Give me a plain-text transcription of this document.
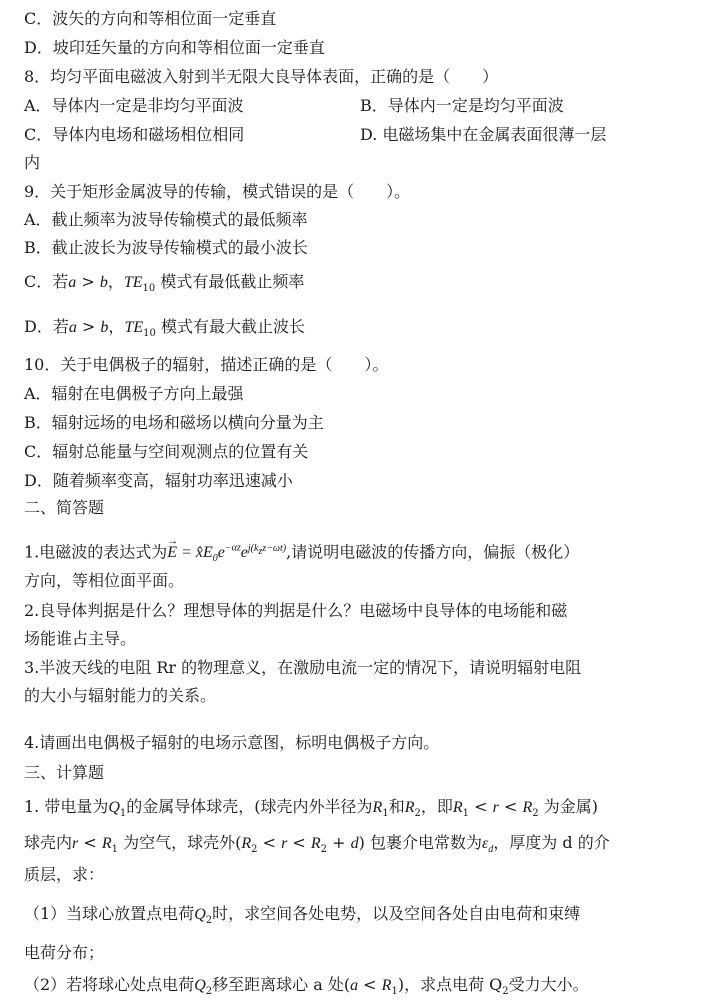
C．波矢的方向和等相位面一定垂直
D．坡印廷矢量的方向和等相位面一定垂直
8．均匀平面电磁波入射到半无限大良导体表面，正确的是（　　）
A．导体内一定是非均匀平面波	B．导体内一定是均匀平面波
C．导体内电场和磁场相位相同	D. 电磁场集中在金属表面很薄一层
内
9．关于矩形金属波导的传输，模式错误的是（　　）。
A．截止频率为波导传输模式的最低频率
B．截止波长为波导传输模式的最小波长
C．若a > b，$TE_{10}$ 模式有最低截止频率
D．若a > b，$TE_{10}$ 模式有最大截止波长
10．关于电偶极子的辐射，描述正确的是（　　）。
A．辐射在电偶极子方向上最强
B．辐射远场的电场和磁场以横向分量为主
C．辐射总能量与空间观测点的位置有关
D．随着频率变高，辐射功率迅速减小
二、简答题
1.电磁波的表达式为→ $E = x̂E_0e^{-\alpha z}e^{j(k_zz-\omega t)}$,请说明电磁波的传播方向，偏振（极化）
方向，等相位面平面。
2.良导体判据是什么？理想导体的判据是什么？电磁场中良导体的电场能和磁
场能谁占主导。
3.半波天线的电阻 Rr 的物理意义，在激励电流一定的情况下，请说明辐射电阻
的大小与辐射能力的关系。
4.请画出电偶极子辐射的电场示意图，标明电偶极子方向。
三、计算题
1. 带电量为$Q_1$的金属导体球壳，(球壳内外半径为$R_1$和$R_2$，即$R_1 < r < R_2$ 为金属)
球壳内$r < R_1$ 为空气，球壳外$(R_2 < r < R_2 + d)$ 包裹介电常数为$\varepsilon_d$，厚度为 d 的介
质层，求：
（1）当球心放置点电荷$Q_2$时，求空间各处电势，以及空间各处自由电荷和束缚
电荷分布；
（2）若将球心处点电荷$Q_2$移至距离球心 a 处$(a < R_1)$，求点电荷 $Q_2$受力大小。
